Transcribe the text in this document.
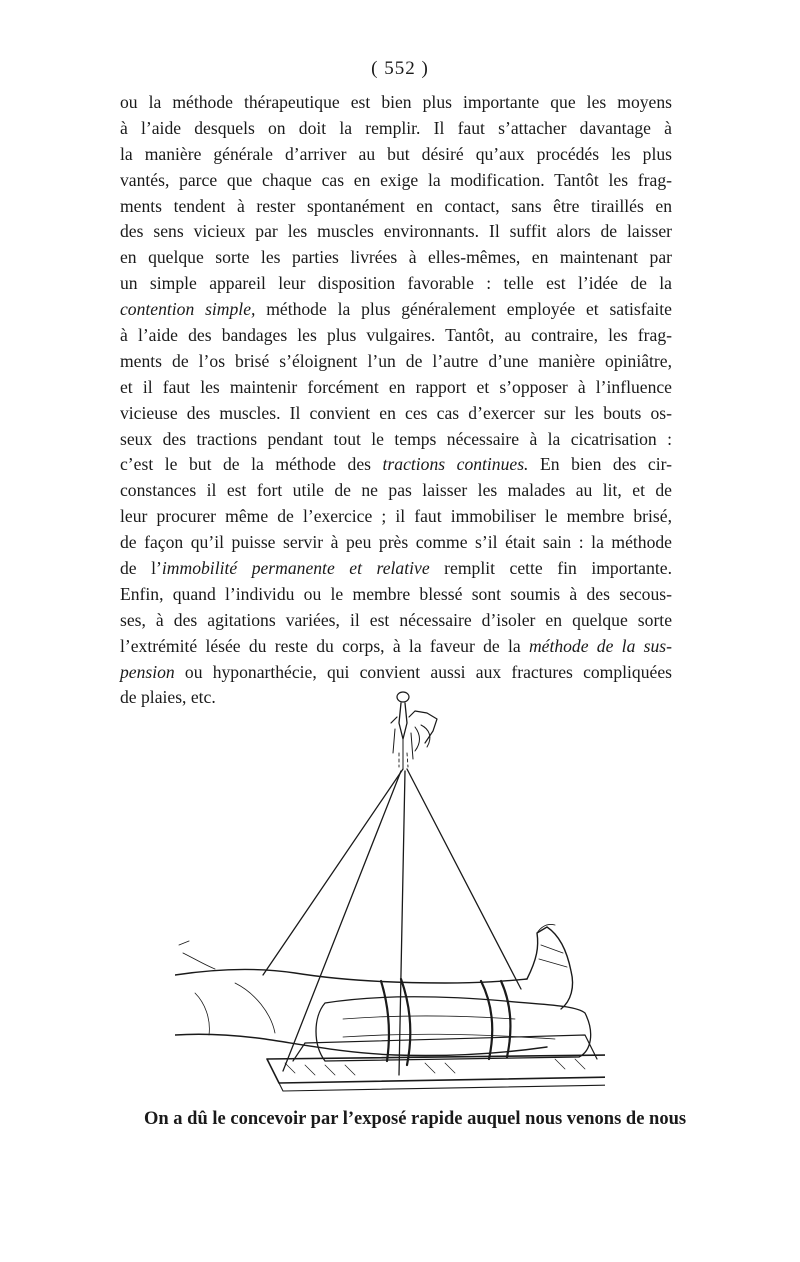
( 552 )
ou la méthode thérapeutique est bien plus importante que les moyens
à l’aide desquels on doit la remplir. Il faut s’attacher davantage à
la manière générale d’arriver au but désiré qu’aux procédés les plus
vantés, parce que chaque cas en exige la modification. Tantôt les frag-
ments tendent à rester spontanément en contact, sans être tiraillés en
des sens vicieux par les muscles environnants. Il suffit alors de laisser
en quelque sorte les parties livrées à elles-mêmes, en maintenant par
un simple appareil leur disposition favorable : telle est l’idée de la
contention simple, méthode la plus généralement employée et satisfaite
à l’aide des bandages les plus vulgaires. Tantôt, au contraire, les frag-
ments de l’os brisé s’éloignent l’un de l’autre d’une manière opiniâtre,
et il faut les maintenir forcément en rapport et s’opposer à l’influence
vicieuse des muscles. Il convient en ces cas d’exercer sur les bouts os-
seux des tractions pendant tout le temps nécessaire à la cicatrisation :
c’est le but de la méthode des tractions continues. En bien des cir-
constances il est fort utile de ne pas laisser les malades au lit, et de
leur procurer même de l’exercice ; il faut immobiliser le membre brisé,
de façon qu’il puisse servir à peu près comme s’il était sain : la méthode
de l’immobilité permanente et relative remplit cette fin importante.
Enfin, quand l’individu ou le membre blessé sont soumis à des secous-
ses, à des agitations variées, il est nécessaire d’isoler en quelque sorte
l’extrémité lésée du reste du corps, à la faveur de la méthode de la sus-
pension ou hyponarthécie, qui convient aussi aux fractures compliquées
de plaies, etc.
On a dû le concevoir par l’exposé rapide auquel nous venons de nous
